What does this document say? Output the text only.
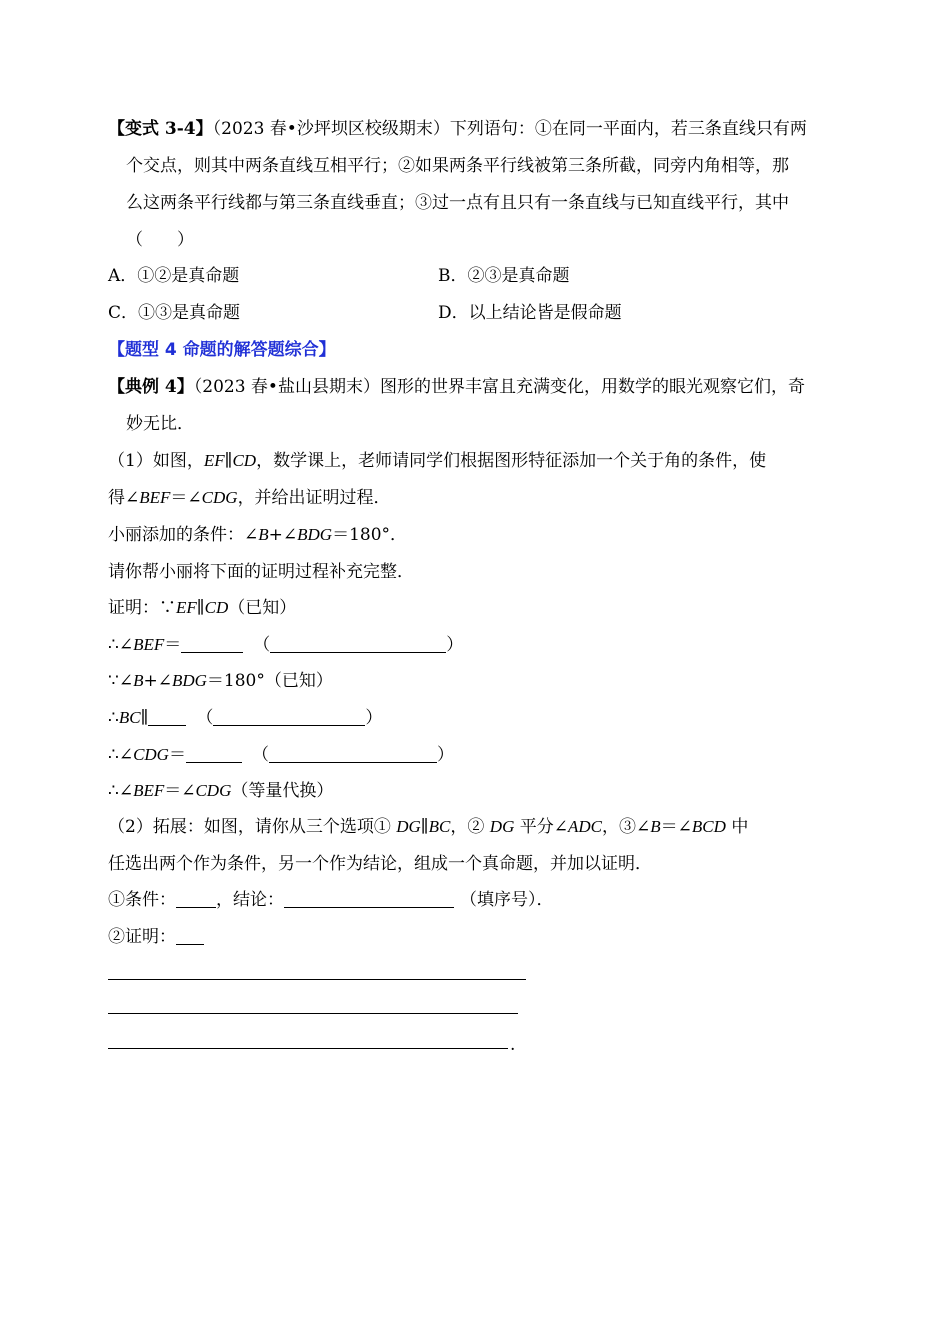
【变式 3-4】（2023 春•沙坪坝区校级期末）下列语句：①在同一平面内，若三条直线只有两
个交点，则其中两条直线互相平行；②如果两条平行线被第三条所截，同旁内角相等，那
么这两条平行线都与第三条直线垂直；③过一点有且只有一条直线与已知直线平行，其中
（　　）
A．①②是真命题	B．②③是真命题
C．①③是真命题	D．以上结论皆是假命题
【题型 4 命题的解答题综合】
【典例 4】（2023 春•盐山县期末）图形的世界丰富且充满变化，用数学的眼光观察它们，奇
妙无比．
（1）如图，EF∥CD，数学课上，老师请同学们根据图形特征添加一个关于角的条件，使
得∠BEF＝∠CDG，并给出证明过程．
小丽添加的条件：∠B+∠BDG＝180°．
请你帮小丽将下面的证明过程补充完整．
证明：∵EF∥CD（已知）
∴∠BEF＝	（	）
∵∠B+∠BDG＝180°（已知）
∴BC∥	（	）
∴∠CDG＝	（	）
∴∠BEF＝∠CDG（等量代换）
（2）拓展：如图，请你从三个选项① DG∥BC，② DG 平分∠ADC，③∠B＝∠BCD 中
任选出两个作为条件，另一个作为结论，组成一个真命题，并加以证明．
①条件： ，结论：	（填序号）．
②证明：
.
